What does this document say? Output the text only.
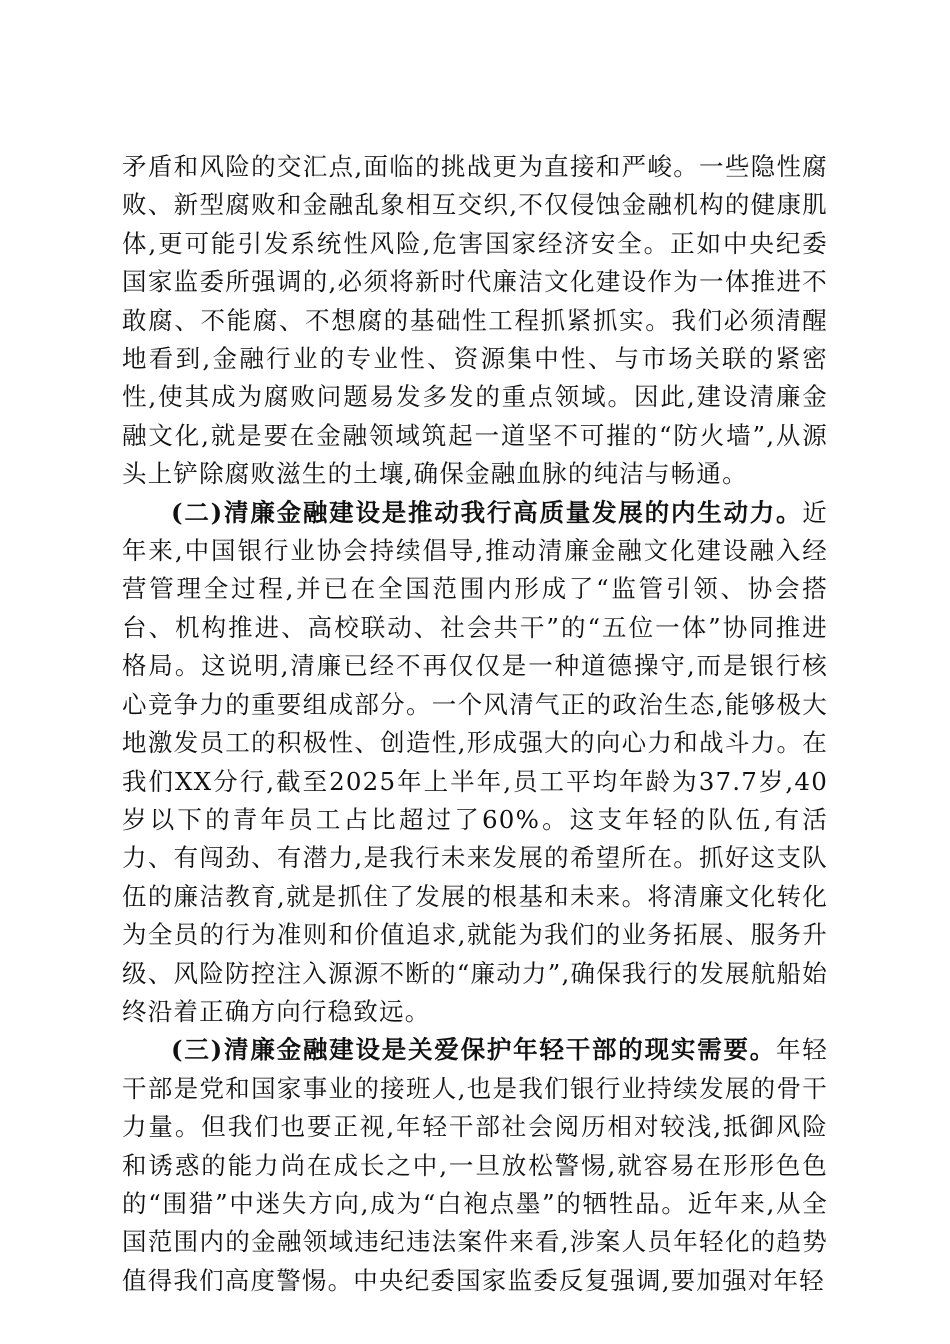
矛盾和风险的交汇点,面临的挑战更为直接和严峻。一些隐性腐败、新型腐败和金融乱象相互交织,不仅侵蚀金融机构的健康肌体,更可能引发系统性风险,危害国家经济安全。正如中央纪委国家监委所强调的,必须将新时代廉洁文化建设作为一体推进不敢腐、不能腐、不想腐的基础性工程抓紧抓实。我们必须清醒地看到,金融行业的专业性、资源集中性、与市场关联的紧密性,使其成为腐败问题易发多发的重点领域。因此,建设清廉金融文化,就是要在金融领域筑起一道坚不可摧的“防火墙”,从源头上铲除腐败滋生的土壤,确保金融血脉的纯洁与畅通。

(二)清廉金融建设是推动我行高质量发展的内生动力。近年来,中国银行业协会持续倡导,推动清廉金融文化建设融入经营管理全过程,并已在全国范围内形成了“监管引领、协会搭台、机构推进、高校联动、社会共干”的“五位一体”协同推进格局。这说明,清廉已经不再仅仅是一种道德操守,而是银行核心竞争力的重要组成部分。一个风清气正的政治生态,能够极大地激发员工的积极性、创造性,形成强大的向心力和战斗力。在我们XX分行,截至2025年上半年,员工平均年龄为37.7岁,40岁以下的青年员工占比超过了60%。这支年轻的队伍,有活力、有闯劲、有潜力,是我行未来发展的希望所在。抓好这支队伍的廉洁教育,就是抓住了发展的根基和未来。将清廉文化转化为全员的行为准则和价值追求,就能为我们的业务拓展、服务升级、风险防控注入源源不断的“廉动力”,确保我行的发展航船始终沿着正确方向行稳致远。

(三)清廉金融建设是关爱保护年轻干部的现实需要。年轻干部是党和国家事业的接班人,也是我们银行业持续发展的骨干力量。但我们也要正视,年轻干部社会阅历相对较浅,抵御风险和诱惑的能力尚在成长之中,一旦放松警惕,就容易在形形色色的“围猎”中迷失方向,成为“白袍点墨”的牺牲品。近年来,从全国范围内的金融领域违纪违法案件来看,涉案人员年轻化的趋势值得我们高度警惕。中央纪委国家监委反复强调,要加强对年轻
